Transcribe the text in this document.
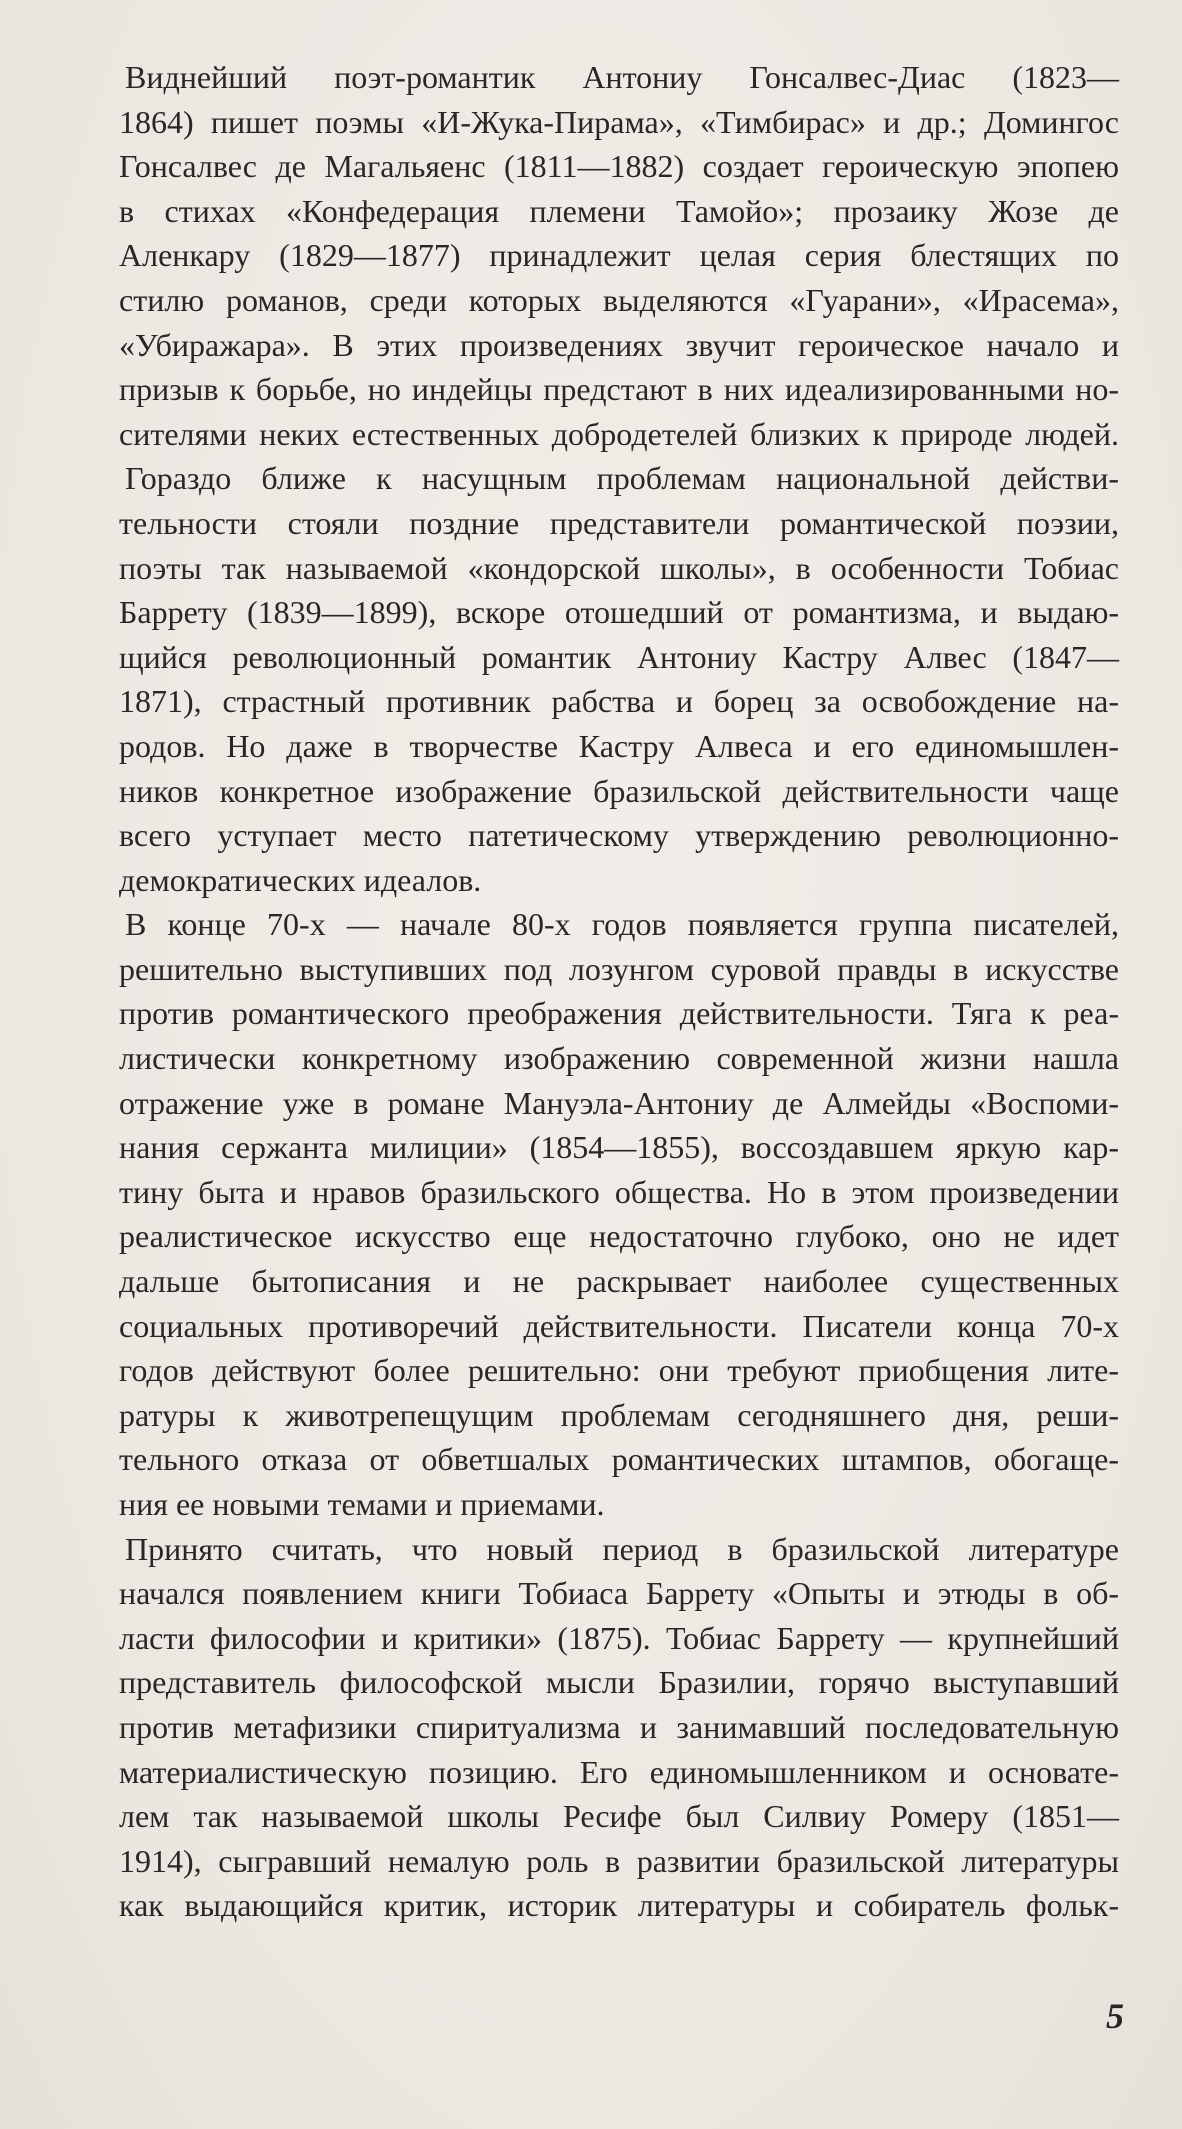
Виднейший поэт-романтик Антониу Гонсалвес-Диас (1823—
1864) пишет поэмы «И-Жука-Пирама», «Тимбирас» и др.; Домингос
Гонсалвес де Магальяенс (1811—1882) создает героическую эпопею
в стихах «Конфедерация племени Тамойо»; прозаику Жозе де
Аленкару (1829—1877) принадлежит целая серия блестящих по
стилю романов, среди которых выделяются «Гуарани», «Ирасема»,
«Убиражара». В этих произведениях звучит героическое начало и
призыв к борьбе, но индейцы предстают в них идеализированными но-
сителями неких естественных добродетелей близких к природе людей.
Гораздо ближе к насущным проблемам национальной действи-
тельности стояли поздние представители романтической поэзии,
поэты так называемой «кондорской школы», в особенности Тобиас
Баррету (1839—1899), вскоре отошедший от романтизма, и выдаю-
щийся революционный романтик Антониу Кастру Алвес (1847—
1871), страстный противник рабства и борец за освобождение на-
родов. Но даже в творчестве Кастру Алвеса и его единомышлен-
ников конкретное изображение бразильской действительности чаще
всего уступает место патетическому утверждению революционно-
демократических идеалов.
В конце 70-х — начале 80-х годов появляется группа писателей,
решительно выступивших под лозунгом суровой правды в искусстве
против романтического преображения действительности. Тяга к реа-
листически конкретному изображению современной жизни нашла
отражение уже в романе Мануэла-Антониу де Алмейды «Воспоми-
нания сержанта милиции» (1854—1855), воссоздавшем яркую кар-
тину быта и нравов бразильского общества. Но в этом произведении
реалистическое искусство еще недостаточно глубоко, оно не идет
дальше бытописания и не раскрывает наиболее существенных
социальных противоречий действительности. Писатели конца 70-х
годов действуют более решительно: они требуют приобщения лите-
ратуры к животрепещущим проблемам сегодняшнего дня, реши-
тельного отказа от обветшалых романтических штампов, обогаще-
ния ее новыми темами и приемами.
Принято считать, что новый период в бразильской литературе
начался появлением книги Тобиаса Баррету «Опыты и этюды в об-
ласти философии и критики» (1875). Тобиас Баррету — крупнейший
представитель философской мысли Бразилии, горячо выступавший
против метафизики спиритуализма и занимавший последовательную
материалистическую позицию. Его единомышленником и основате-
лем так называемой школы Ресифе был Силвиу Ромеру (1851—
1914), сыгравший немалую роль в развитии бразильской литературы
как выдающийся критик, историк литературы и собиратель фольк-
5
